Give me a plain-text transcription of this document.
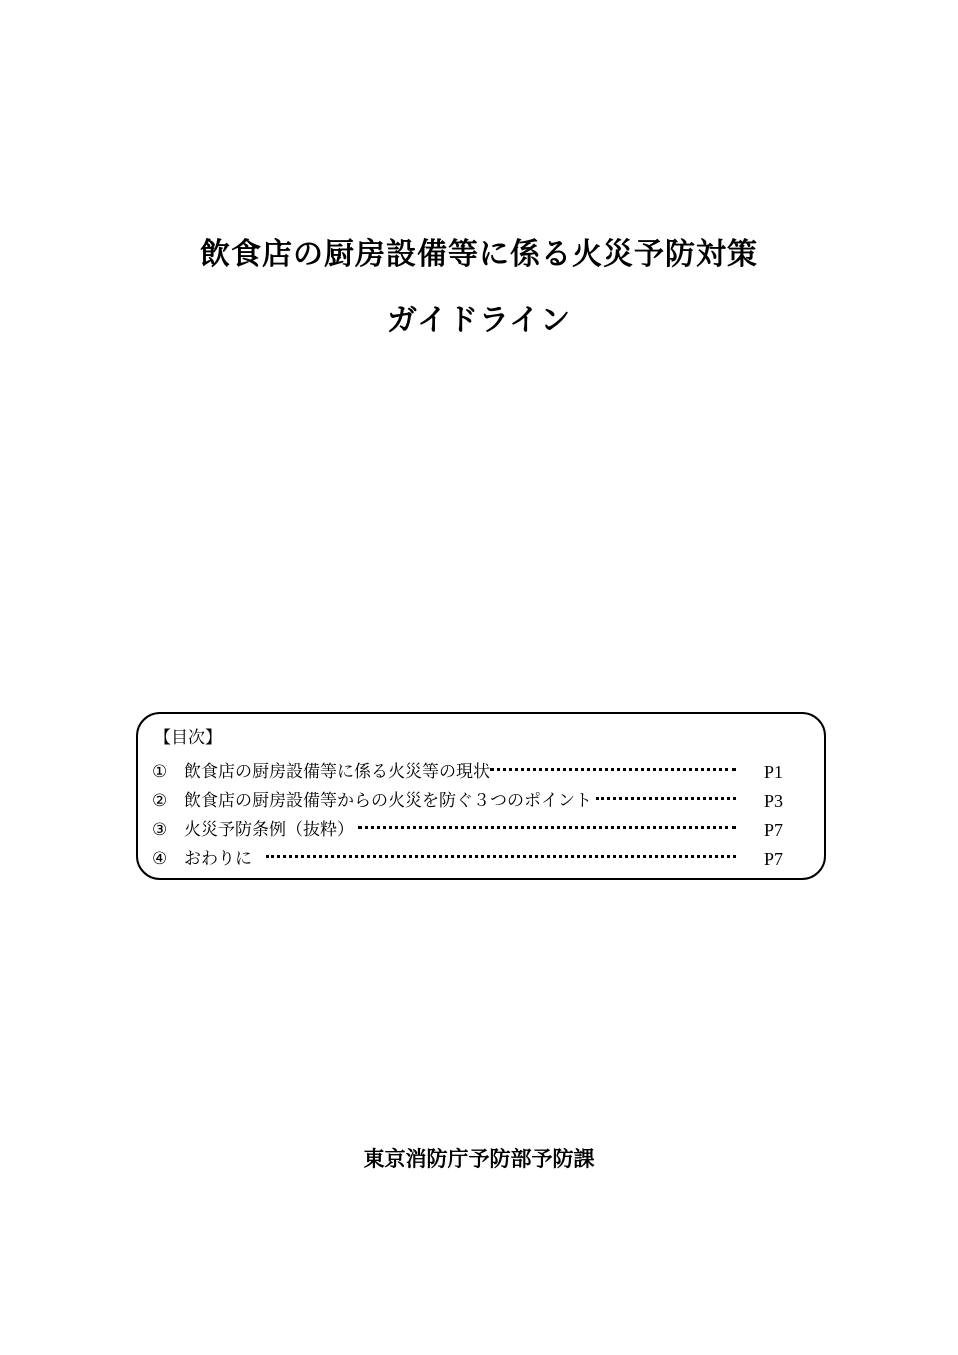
飲食店の厨房設備等に係る火災予防対策
ガイドライン
【目次】
① 飲食店の厨房設備等に係る火災等の現状	P1
② 飲食店の厨房設備等からの火災を防ぐ３つのポイント	P3
③ 火災予防条例（抜粋）	P7
④ おわりに	P7
東京消防庁予防部予防課
